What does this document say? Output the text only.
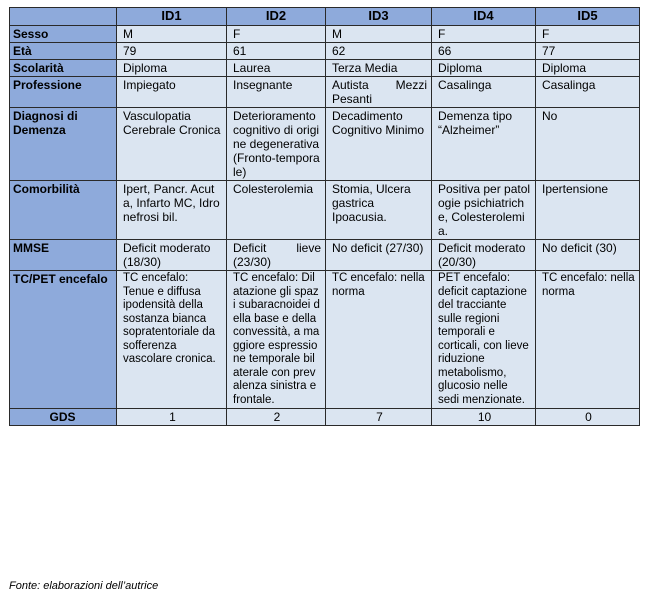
	ID1	ID2	ID3	ID4	ID5
Sesso	M	F	M	F	F
Età	79	61	62	66	77
Scolarità	Diploma	Laurea	Terza Media	Diploma	Diploma
Professione	Impiegato	Insegnante	Autista Mezzi Pesanti	Casalinga	Casalinga
Diagnosi di Demenza	Vasculopatia Cerebrale Cronica	Deterioramento cognitivo di origine degenerativa (Fronto-temporale)	Decadimento Cognitivo Minimo	Demenza tipo “Alzheimer”	No
Comorbilità	Ipert, Pancr. Acuta, Infarto MC, Idronefrosi bil.	Colesterolemia	Stomia, Ulcera gastrica Ipoacusia.	Positiva per patologie psichiatriche, Colesterolemia.	Ipertensione
MMSE	Deficit moderato (18/30)	Deficit lieve (23/30)	No deficit (27/30)	Deficit moderato (20/30)	No deficit (30)
TC/PET encefalo	TC encefalo: Tenue e diffusa ipodensità della sostanza bianca sopratentoriale da sofferenza vascolare cronica.	TC encefalo: Dilatazione gli spazi subaracnoidei della base e della convessità, a maggiore espressione temporale bilaterale con prevalenza sinistra e frontale.	TC encefalo: nella norma	PET encefalo: deficit captazione del tracciante sulle regioni temporali e corticali, con lieve riduzione metabolismo, glucosio nelle sedi menzionate.	TC encefalo: nella norma
GDS	1	2	7	10	0
Fonte: elaborazioni dell’autrice
